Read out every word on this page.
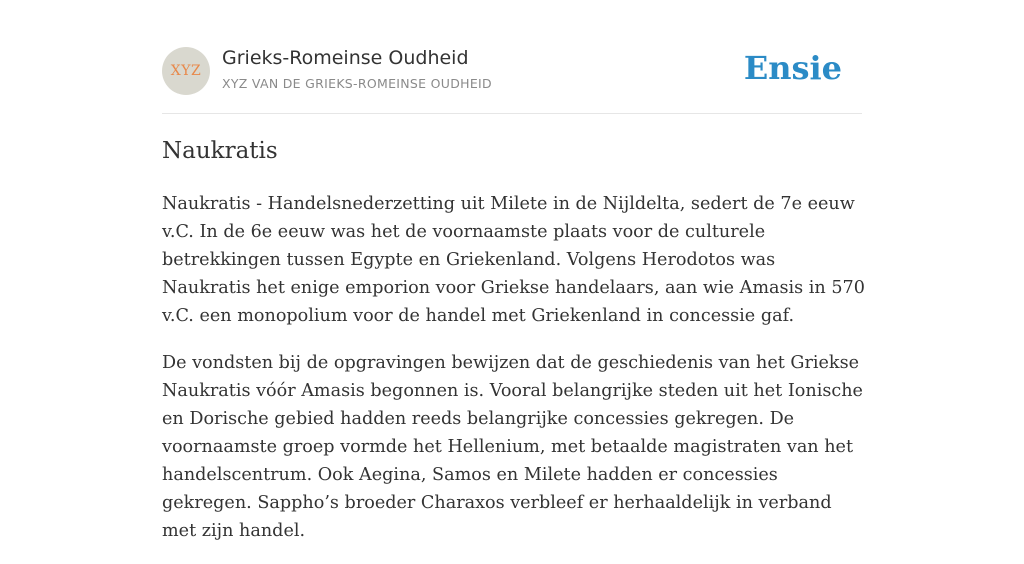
XYZ
Grieks-Romeinse Oudheid
XYZ VAN DE GRIEKS-ROMEINSE OUDHEID	Ensie
Naukratis

Naukratis - Handelsnederzetting uit Milete in de Nijldelta, sedert de 7e eeuw v.C. In de 6e eeuw was het de voornaamste plaats voor de culturele betrekkingen tussen Egypte en Griekenland. Volgens Herodotos was Naukratis het enige emporion voor Griekse handelaars, aan wie Amasis in 570 v.C. een monopolium voor de handel met Griekenland in concessie gaf.

De vondsten bij de opgravingen bewijzen dat de geschiedenis van het Griekse Naukratis vóór Amasis begonnen is. Vooral belangrijke steden uit het Ionische en Dorische gebied hadden reeds belangrijke concessies gekregen. De voornaamste groep vormde het Hellenium, met betaalde magistraten van het handelscentrum. Ook Aegina, Samos en Milete hadden er concessies gekregen. Sappho’s broeder Charaxos verbleef er herhaaldelijk in verband met zijn handel.
